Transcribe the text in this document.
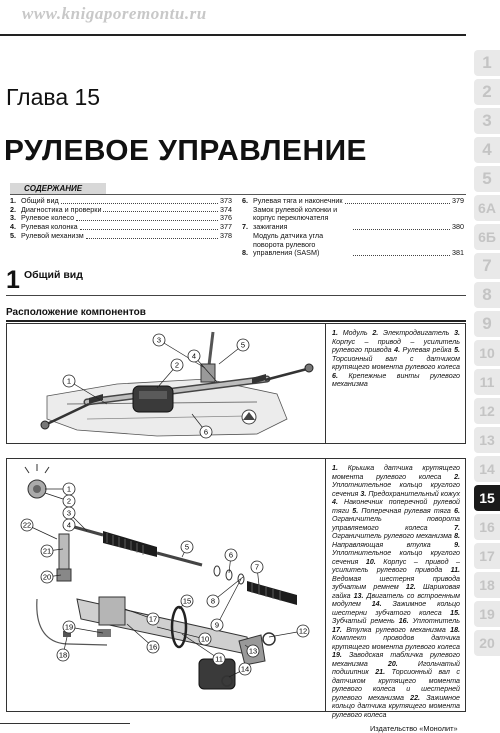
www.knigaporemontu.ru
1
2
3
4
5
6A
6Б
7
8
9
10
11
12
13
14
15
16
17
18
19
20
Глава 15
РУЛЕВОЕ УПРАВЛЕНИЕ
СОДЕРЖАНИЕ
1. Общий вид	373
2. Диагностика и проверки	374
3. Рулевое колесо	376
4. Рулевая колонка	377
5. Рулевой механизм	378
6. Рулевая тяга и наконечник	379
7.
Замок рулевой колонки и корпус переключателя зажигания	380
8.
Модуль датчика угла поворота рулевого управления (SASM)	381
1 Общий вид
Расположение компонентов
1
2
3
4
5
6
1. Модуль 2. Электродвигатель 3. Корпус – привод – усилитель рулевого привода 4. Рулевая рейка 5. Торсионный вал с датчиком крутящего момента рулевого колеса 6. Крепежные винты рулевого механизма
1
2
3
4
5
6
7
8
9
10
11
12
13
14
15
16
17
18
19
20
21
22
1. Крышка датчика крутящего момента рулевого колеса 2. Уплотнительное кольцо круглого сечения 3. Предохранительный кожух 4. Наконечник поперечной рулевой тяги 5. Поперечная рулевая тяга 6. Ограничитель поворота управляемого колеса 7. Ограничитель рулевого механизма 8. Направляющая втулка 9. Уплотнительное кольцо круглого сечения 10. Корпус – привод – усилитель рулевого привода 11. Ведомая шестерня привода зубчатым ремнем 12. Шариковая гайка 13. Двигатель со встроенным модулем 14. Зажимное кольцо шестерни зубчатого колеса 15. Зубчатый ремень 16. Уплотнитель 17. Втулка рулевого механизма 18. Комплект проводов датчика крутящего момента рулевого колеса 19. Заводская табличка рулевого механизма 20. Игольчатый подшипник 21. Торсионный вал с датчиком крутящего момента рулевого колеса и шестерней рулевого механизма 22. Зажимное кольцо датчика крутящего момента рулевого колеса
Издательство «Монолит»
